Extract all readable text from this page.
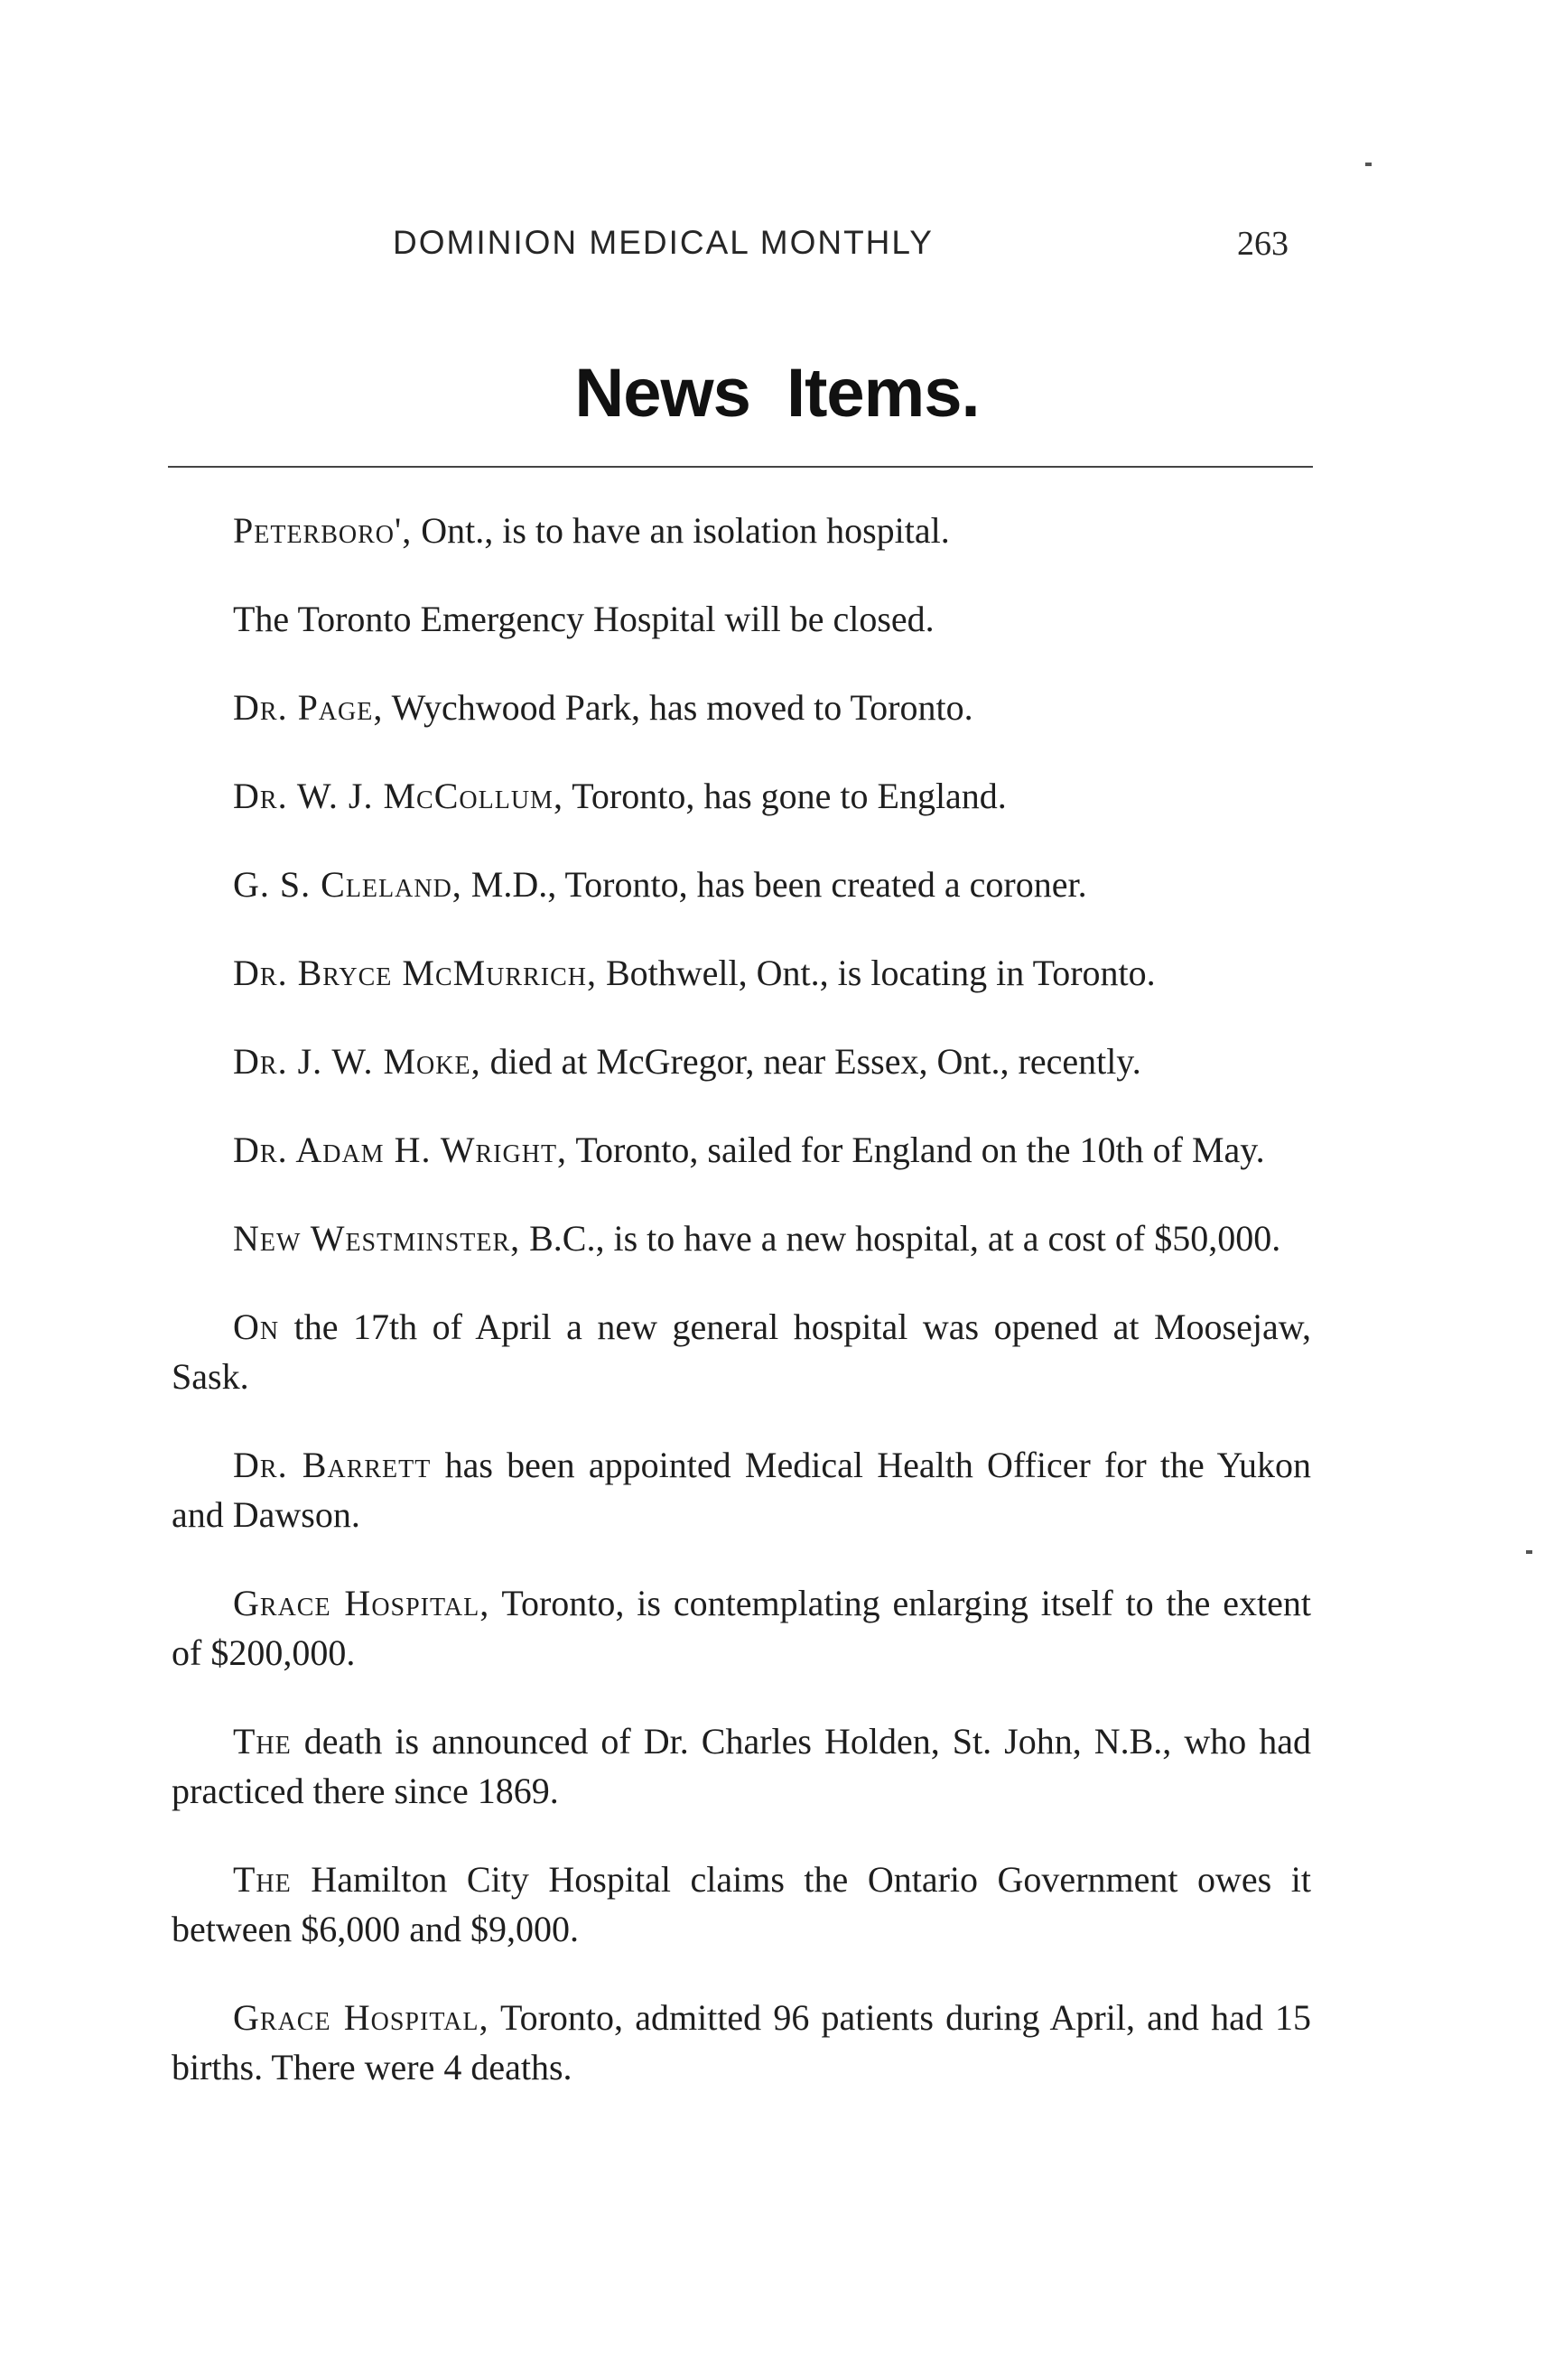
DOMINION MEDICAL MONTHLY	263
News Items.

Peterboro', Ont., is to have an isolation hospital.

The Toronto Emergency Hospital will be closed.

Dr. Page, Wychwood Park, has moved to Toronto.

Dr. W. J. McCollum, Toronto, has gone to England.

G. S. Cleland, M.D., Toronto, has been created a coroner.

Dr. Bryce McMurrich, Bothwell, Ont., is locating in Toronto.

Dr. J. W. Moke, died at McGregor, near Essex, Ont., recently.

Dr. Adam H. Wright, Toronto, sailed for England on the 10th of May.

New Westminster, B.C., is to have a new hospital, at a cost of $50,000.

On the 17th of April a new general hospital was opened at Moosejaw, Sask.

Dr. Barrett has been appointed Medical Health Officer for the Yukon and Dawson.

Grace Hospital, Toronto, is contemplating enlarging itself to the extent of $200,000.

The death is announced of Dr. Charles Holden, St. John, N.B., who had practiced there since 1869.

The Hamilton City Hospital claims the Ontario Government owes it between $6,000 and $9,000.

Grace Hospital, Toronto, admitted 96 patients during April, and had 15 births. There were 4 deaths.
